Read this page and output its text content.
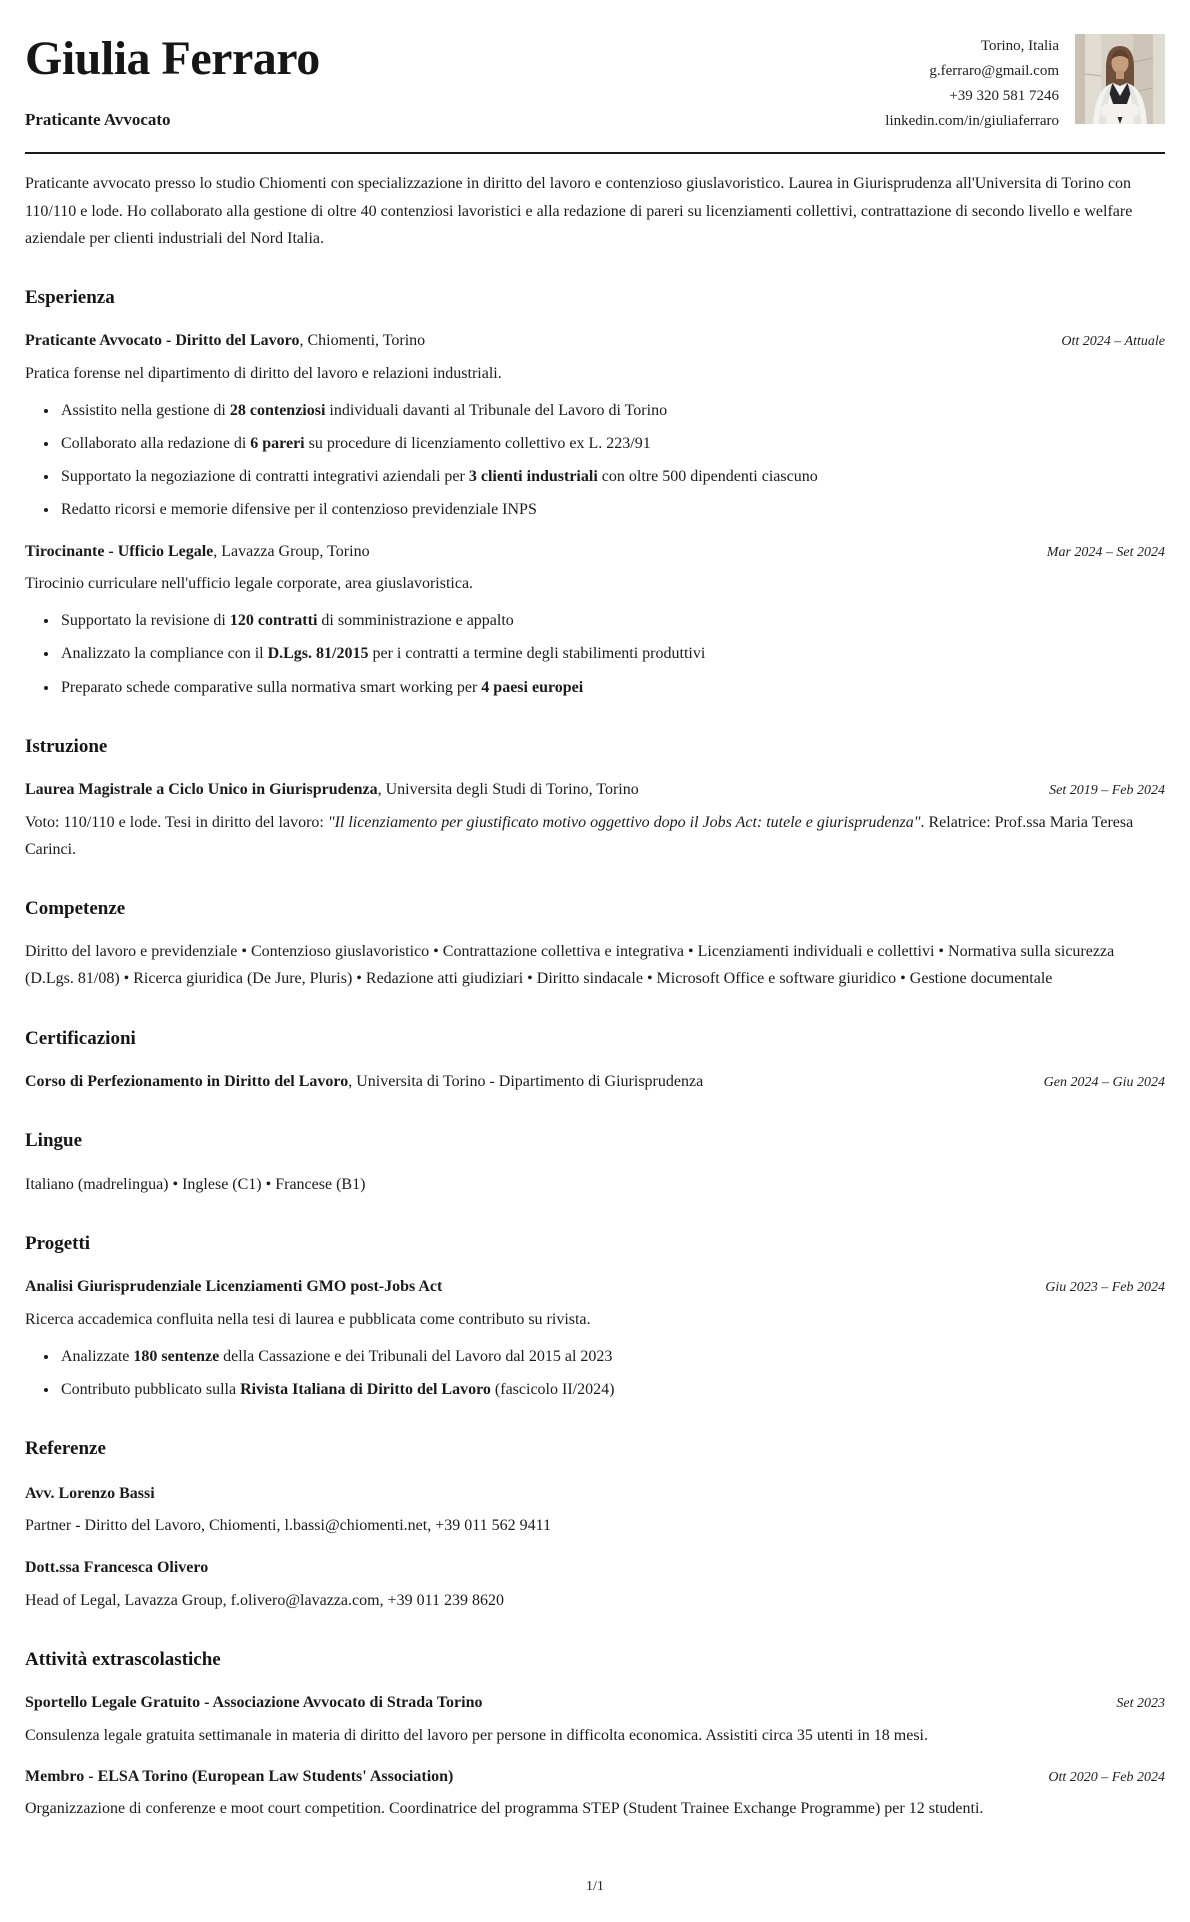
Giulia Ferraro
Praticante Avvocato
Torino, Italia
g.ferraro@gmail.com
+39 320 581 7246
linkedin.com/in/giuliaferraro

Praticante avvocato presso lo studio Chiomenti con specializzazione in diritto del lavoro e contenzioso giuslavoristico. Laurea in Giurisprudenza all'Universita di Torino con 110/110 e lode. Ho collaborato alla gestione di oltre 40 contenziosi lavoristici e alla redazione di pareri su licenziamenti collettivi, contrattazione di secondo livello e welfare aziendale per clienti industriali del Nord Italia.

Esperienza
Praticante Avvocato - Diritto del Lavoro, Chiomenti, Torino	Ott 2024 – Attuale
Pratica forense nel dipartimento di diritto del lavoro e relazioni industriali.
• Assistito nella gestione di 28 contenziosi individuali davanti al Tribunale del Lavoro di Torino
• Collaborato alla redazione di 6 pareri su procedure di licenziamento collettivo ex L. 223/91
• Supportato la negoziazione di contratti integrativi aziendali per 3 clienti industriali con oltre 500 dipendenti ciascuno
• Redatto ricorsi e memorie difensive per il contenzioso previdenziale INPS
Tirocinante - Ufficio Legale, Lavazza Group, Torino	Mar 2024 – Set 2024
Tirocinio curriculare nell'ufficio legale corporate, area giuslavoristica.
• Supportato la revisione di 120 contratti di somministrazione e appalto
• Analizzato la compliance con il D.Lgs. 81/2015 per i contratti a termine degli stabilimenti produttivi
• Preparato schede comparative sulla normativa smart working per 4 paesi europei
Istruzione
Laurea Magistrale a Ciclo Unico in Giurisprudenza, Universita degli Studi di Torino, Torino	Set 2019 – Feb 2024
Voto: 110/110 e lode. Tesi in diritto del lavoro: "Il licenziamento per giustificato motivo oggettivo dopo il Jobs Act: tutele e giurisprudenza". Relatrice: Prof.ssa Maria Teresa Carinci.
Competenze

Diritto del lavoro e previdenziale • Contenzioso giuslavoristico • Contrattazione collettiva e integrativa • Licenziamenti individuali e collettivi • Normativa sulla sicurezza (D.Lgs. 81/08) • Ricerca giuridica (De Jure, Pluris) • Redazione atti giudiziari • Diritto sindacale • Microsoft Office e software giuridico • Gestione documentale

Certificazioni
Corso di Perfezionamento in Diritto del Lavoro, Universita di Torino - Dipartimento di Giurisprudenza	Gen 2024 – Giu 2024
Lingue

Italiano (madrelingua) • Inglese (C1) • Francese (B1)

Progetti
Analisi Giurisprudenziale Licenziamenti GMO post-Jobs Act	Giu 2023 – Feb 2024
Ricerca accademica confluita nella tesi di laurea e pubblicata come contributo su rivista.
• Analizzate 180 sentenze della Cassazione e dei Tribunali del Lavoro dal 2015 al 2023
• Contributo pubblicato sulla Rivista Italiana di Diritto del Lavoro (fascicolo II/2024)
Referenze
Avv. Lorenzo Bassi
Partner - Diritto del Lavoro, Chiomenti, l.bassi@chiomenti.net, +39 011 562 9411
Dott.ssa Francesca Olivero
Head of Legal, Lavazza Group, f.olivero@lavazza.com, +39 011 239 8620
Attività extrascolastiche
Sportello Legale Gratuito - Associazione Avvocato di Strada Torino	Set 2023
Consulenza legale gratuita settimanale in materia di diritto del lavoro per persone in difficolta economica. Assistiti circa 35 utenti in 18 mesi.
Membro - ELSA Torino (European Law Students' Association)	Ott 2020 – Feb 2024
Organizzazione di conferenze e moot court competition. Coordinatrice del programma STEP (Student Trainee Exchange Programme) per 12 studenti.
1/1
